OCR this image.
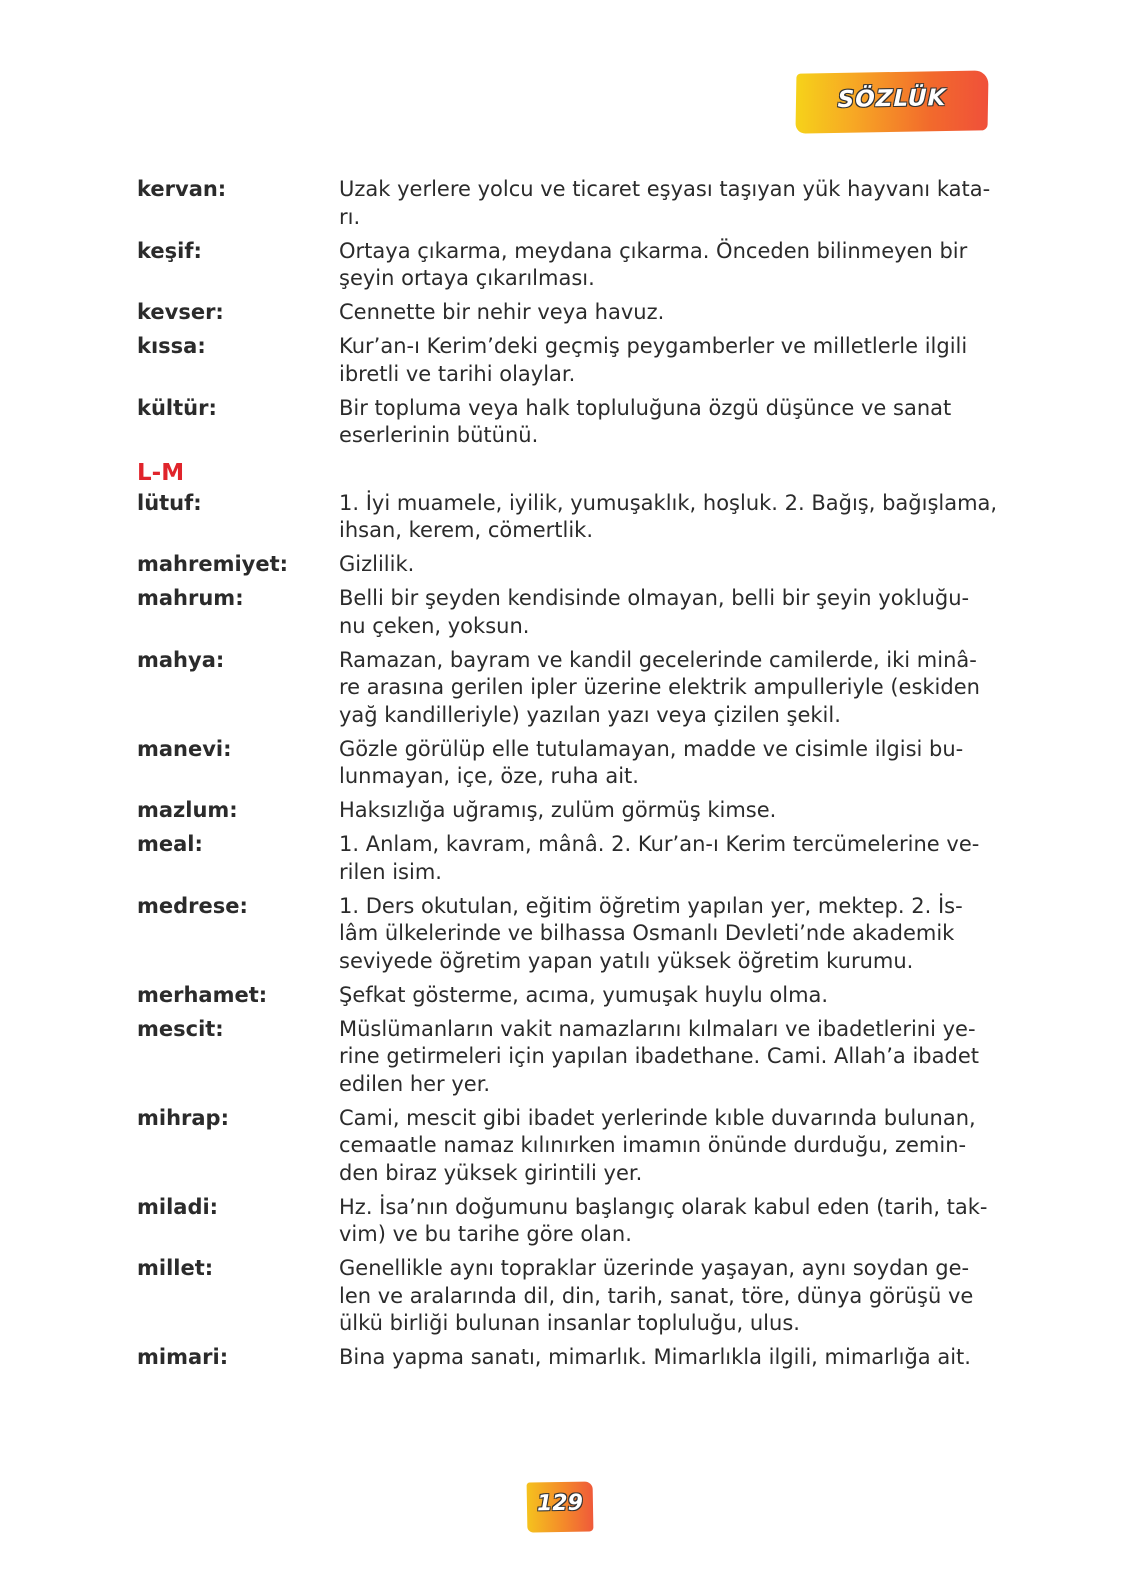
SÖZLÜK
kervan:	Uzak yerlere yolcu ve ticaret eşyası taşıyan yük hayvanı kata-
rı.
keşif:	Ortaya çıkarma, meydana çıkarma. Önceden bilinmeyen bir
şeyin ortaya çıkarılması.
kevser:	Cennette bir nehir veya havuz.
kıssa:	Kur’an-ı Kerim’deki geçmiş peygamberler ve milletlerle ilgili
ibretli ve tarihi olaylar.
kültür:	Bir topluma veya halk topluluğuna özgü düşünce ve sanat
eserlerinin bütünü.
L-M
lütuf:	1. İyi muamele, iyilik, yumuşaklık, hoşluk. 2. Bağış, bağışlama,
ihsan, kerem, cömertlik.
mahremiyet:	Gizlilik.
mahrum:	Belli bir şeyden kendisinde olmayan, belli bir şeyin yokluğu-
nu çeken, yoksun.
mahya:	Ramazan, bayram ve kandil gecelerinde camilerde, iki minâ-
re arasına gerilen ipler üzerine elektrik ampulleriyle (eskiden
yağ kandilleriyle) yazılan yazı veya çizilen şekil.
manevi:	Gözle görülüp elle tutulamayan, madde ve cisimle ilgisi bu-
lunmayan, içe, öze, ruha ait.
mazlum:	Haksızlığa uğramış, zulüm görmüş kimse.
meal:	1. Anlam, kavram, mânâ. 2. Kur’an-ı Kerim tercümelerine ve-
rilen isim.
medrese:	1. Ders okutulan, eğitim öğretim yapılan yer, mektep. 2. İs-
lâm ülkelerinde ve bilhassa Osmanlı Devleti’nde akademik
seviyede öğretim yapan yatılı yüksek öğretim kurumu.
merhamet:	Şefkat gösterme, acıma, yumuşak huylu olma.
mescit:	Müslümanların vakit namazlarını kılmaları ve ibadetlerini ye-
rine getirmeleri için yapılan ibadethane. Cami. Allah’a ibadet
edilen her yer.
mihrap:	Cami, mescit gibi ibadet yerlerinde kıble duvarında bulunan,
cemaatle namaz kılınırken imamın önünde durduğu, zemin-
den biraz yüksek girintili yer.
miladi:	Hz. İsa’nın doğumunu başlangıç olarak kabul eden (tarih, tak-
vim) ve bu tarihe göre olan.
millet:	Genellikle aynı topraklar üzerinde yaşayan, aynı soydan ge-
len ve aralarında dil, din, tarih, sanat, töre, dünya görüşü ve
ülkü birliği bulunan insanlar topluluğu, ulus.
mimari:	Bina yapma sanatı, mimarlık. Mimarlıkla ilgili, mimarlığa ait.
129
